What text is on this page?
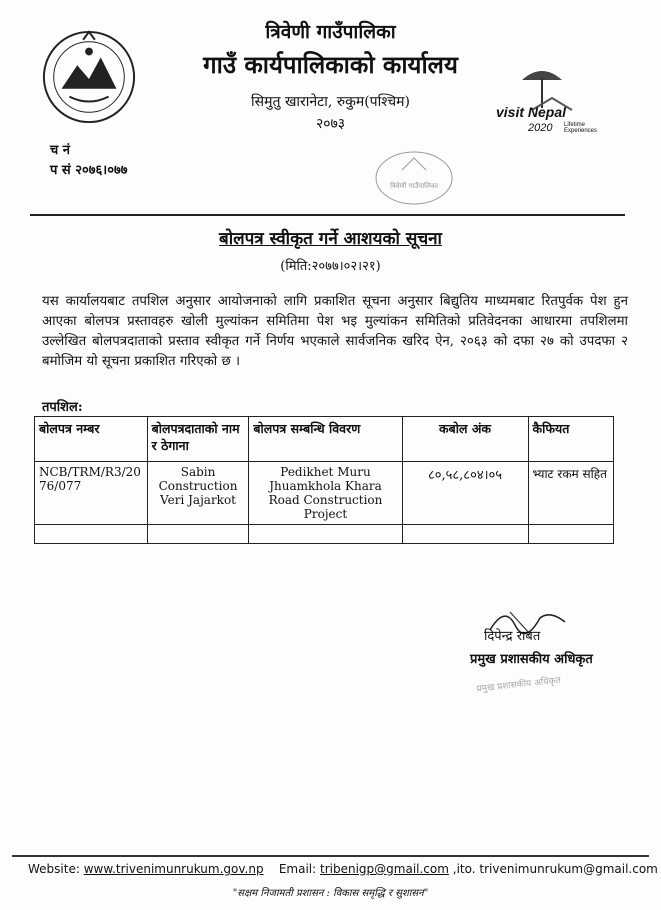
त्रिवेणी गाउँपालिका
गाउँ कार्यपालिकाको कार्यालय
सिमुतु खारानेटा, रुकुम(पश्चिम)
२०७३
च नं
प सं २०७६।०७७
visit Nepal
2020 Lifetime Experiences
त्रिवेणी गाउँपालिका
बोलपत्र स्वीकृत गर्ने आशयको सूचना
(मिति:२०७७।०२।२१)
यस कार्यालयबाट तपशिल अनुसार आयोजनाको लागि प्रकाशित सूचना अनुसार बिद्युतिय माध्यमबाट रितपुर्वक पेश हुन आएका बोलपत्र प्रस्तावहरु खोली मुल्यांकन समितिमा पेश भइ मुल्यांकन समितिको प्रतिवेदनका आधारमा तपशिलमा उल्लेखित बोलपत्रदाताको प्रस्ताव स्वीकृत गर्ने निर्णय भएकाले सार्वजनिक खरिद ऐन, २०६३ को दफा २७ को उपदफा २ बमोजिम यो सूचना प्रकाशित गरिएको छ ।
तपशिल:
बोलपत्र नम्बर	बोलपत्रदाताको नाम र ठेगाना	बोलपत्र सम्बन्धि विवरण	कबोल अंक	कैफियत
NCB/TRM/R3/2076/077	Sabin Construction Veri Jajarkot	Pedikhet Muru Jhuamkhola Khara Road Construction Project	८०,५८,८०४।०५	भ्याट रकम सहित

दिपेन्द्र राबत
प्रमुख प्रशासकीय अधिकृत
प्रमुख प्रशासकीय अधिकृत
Website: www.trivenimunrukum.gov.np Email: tribenigp@gmail.com ,ito. trivenimunrukum@gmail.com
"सक्षम निजामती प्रशासन : विकास समृद्धि र सुशासन"
